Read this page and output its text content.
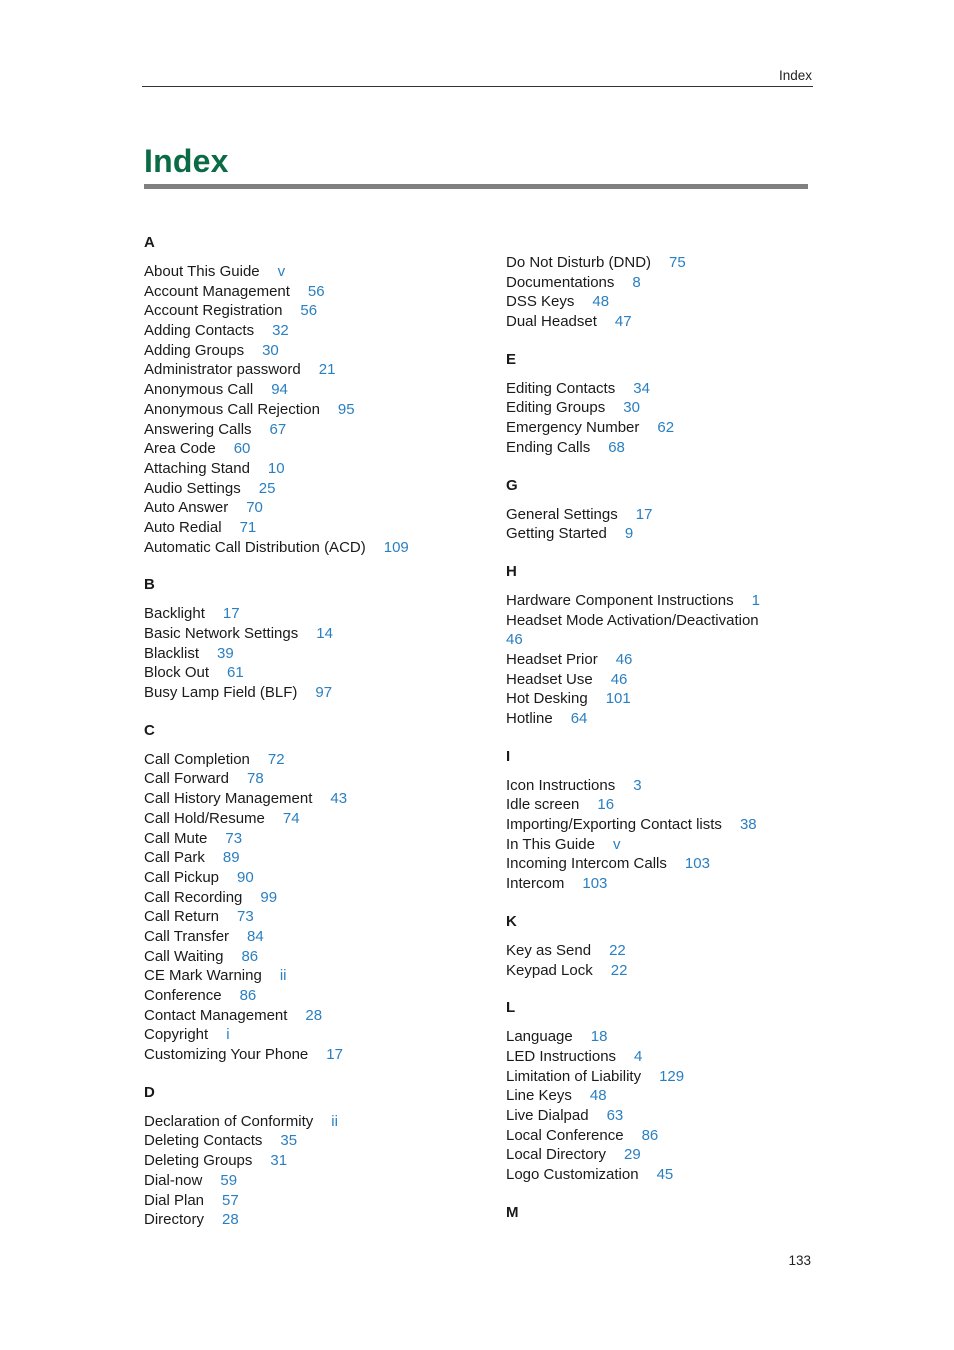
Index
Index
A
About This Guide v
Account Management 56
Account Registration 56
Adding Contacts 32
Adding Groups 30
Administrator password 21
Anonymous Call 94
Anonymous Call Rejection 95
Answering Calls 67
Area Code 60
Attaching Stand 10
Audio Settings 25
Auto Answer 70
Auto Redial 71
Automatic Call Distribution (ACD) 109
B
Backlight 17
Basic Network Settings 14
Blacklist 39
Block Out 61
Busy Lamp Field (BLF) 97
C
Call Completion 72
Call Forward 78
Call History Management 43
Call Hold/Resume 74
Call Mute 73
Call Park 89
Call Pickup 90
Call Recording 99
Call Return 73
Call Transfer 84
Call Waiting 86
CE Mark Warning ii
Conference 86
Contact Management 28
Copyright i
Customizing Your Phone 17
D
Declaration of Conformity ii
Deleting Contacts 35
Deleting Groups 31
Dial-now 59
Dial Plan 57
Directory 28
Do Not Disturb (DND) 75
Documentations 8
DSS Keys 48
Dual Headset 47
E
Editing Contacts 34
Editing Groups 30
Emergency Number 62
Ending Calls 68
G
General Settings 17
Getting Started 9
H
Hardware Component Instructions 1
Headset Mode Activation/Deactivation
46
Headset Prior 46
Headset Use 46
Hot Desking 101
Hotline 64
I
Icon Instructions 3
Idle screen 16
Importing/Exporting Contact lists 38
In This Guide v
Incoming Intercom Calls 103
Intercom 103
K
Key as Send 22
Keypad Lock 22
L
Language 18
LED Instructions 4
Limitation of Liability 129
Line Keys 48
Live Dialpad 63
Local Conference 86
Local Directory 29
Logo Customization 45
M
133
